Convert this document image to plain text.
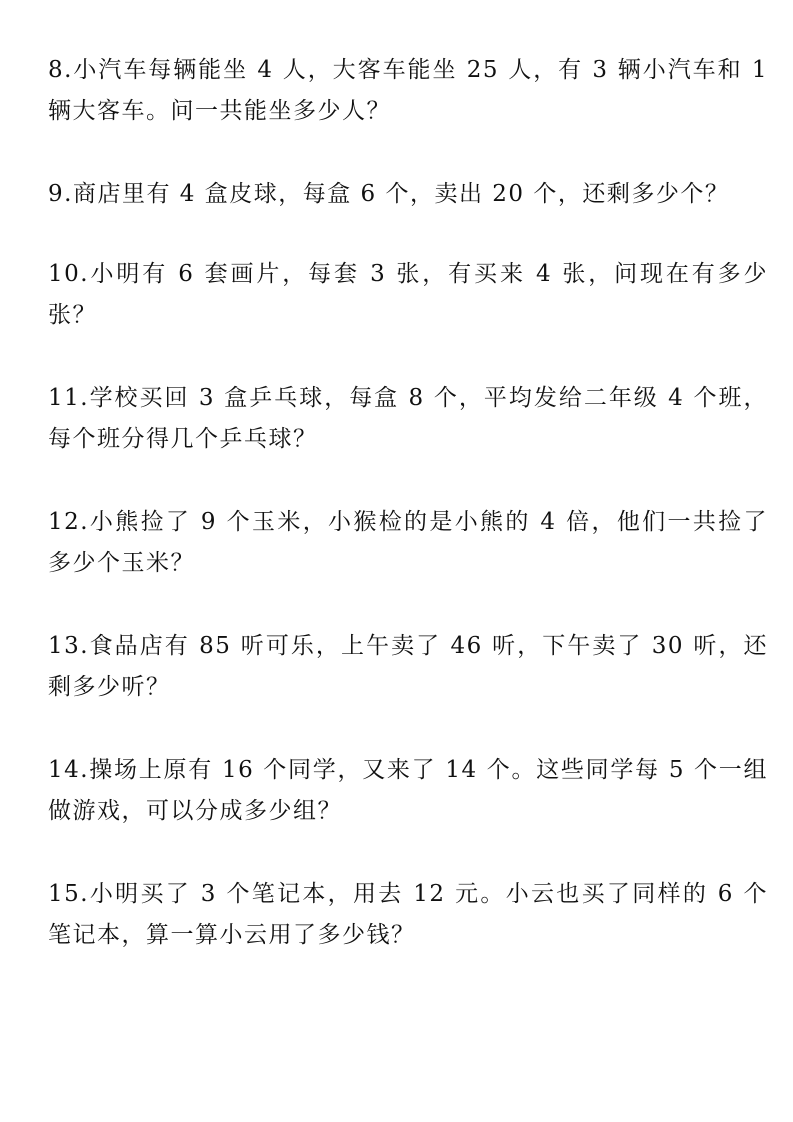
8.小汽车每辆能坐 4 人，大客车能坐 25 人，有 3 辆小汽车和 1 辆大客车。问一共能坐多少人？

9.商店里有 4 盒皮球，每盒 6 个，卖出 20 个，还剩多少个？

10.小明有 6 套画片，每套 3 张，有买来 4 张，问现在有多少张？

11.学校买回 3 盒乒乓球，每盒 8 个，平均发给二年级 4 个班，每个班分得几个乒乓球？

12.小熊捡了 9 个玉米，小猴检的是小熊的 4 倍，他们一共捡了多少个玉米？

13.食品店有 85 听可乐，上午卖了 46 听，下午卖了 30 听，还剩多少听？

14.操场上原有 16 个同学，又来了 14 个。这些同学每 5 个一组做游戏，可以分成多少组？

15.小明买了 3 个笔记本，用去 12 元。小云也买了同样的 6 个笔记本，算一算小云用了多少钱？
